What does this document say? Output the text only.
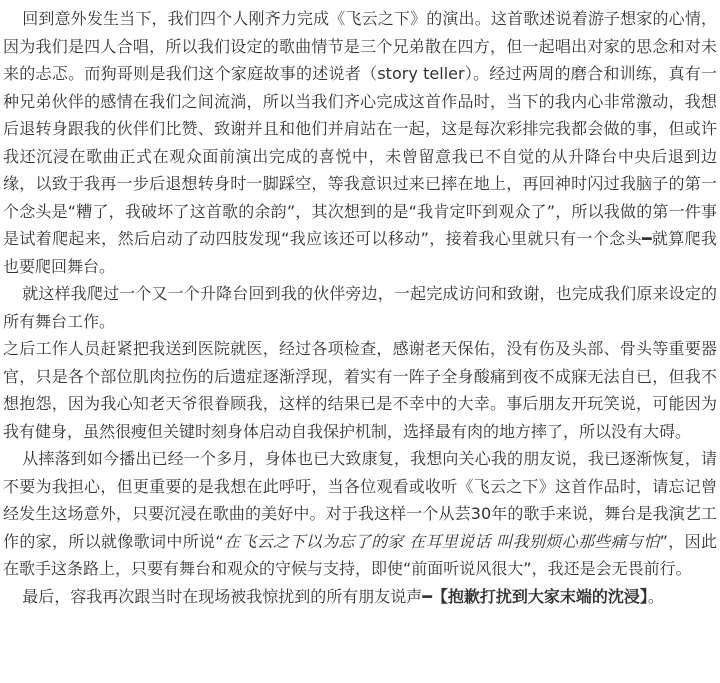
回到意外发生当下，我们四个人刚齐力完成《飞云之下》的演出。这首歌述说着游子想家的心情，因为我们是四人合唱，所以我们设定的歌曲情节是三个兄弟散在四方，但一起唱出对家的思念和对未来的忐忑。而狗哥则是我们这个家庭故事的述说者（story teller）。经过两周的磨合和训练，真有一种兄弟伙伴的感情在我们之间流淌，所以当我们齐心完成这首作品时，当下的我内心非常激动，我想后退转身跟我的伙伴们比赞、致谢并且和他们并肩站在一起，这是每次彩排完我都会做的事，但或许我还沉浸在歌曲正式在观众面前演出完成的喜悦中，未曾留意我已不自觉的从升降台中央后退到边缘，以致于我再一步后退想转身时一脚踩空，等我意识过来已摔在地上，再回神时闪过我脑子的第一个念头是“糟了，我破坏了这首歌的余韵”，其次想到的是“我肯定吓到观众了”，所以我做的第一件事是试着爬起来，然后启动了动四肢发现“我应该还可以移动”，接着我心里就只有一个念头━就算爬我也要爬回舞台。

就这样我爬过一个又一个升降台回到我的伙伴旁边，一起完成访问和致谢，也完成我们原来设定的所有舞台工作。

之后工作人员赶紧把我送到医院就医，经过各项检查，感谢老天保佑，没有伤及头部、骨头等重要器官，只是各个部位肌肉拉伤的后遗症逐渐浮现，着实有一阵子全身酸痛到夜不成寐无法自已，但我不想抱怨，因为我心知老天爷很眷顾我，这样的结果已是不幸中的大幸。事后朋友开玩笑说，可能因为我有健身，虽然很瘦但关键时刻身体启动自我保护机制，选择最有肉的地方摔了，所以没有大碍。

从摔落到如今播出已经一个多月，身体也已大致康复，我想向关心我的朋友说，我已逐渐恢复，请不要为我担心，但更重要的是我想在此呼吁，当各位观看或收听《飞云之下》这首作品时，请忘记曾经发生这场意外，只要沉浸在歌曲的美好中。对于我这样一个从芸30年的歌手来说，舞台是我演艺工作的家，所以就像歌词中所说“在飞云之下以为忘了的家 在耳里说话 叫我别烦心那些痛与怕”，因此在歌手这条路上，只要有舞台和观众的守候与支持，即使“前面听说风很大”，我还是会无畏前行。

最后，容我再次跟当时在现场被我惊扰到的所有朋友说声━【抱歉打扰到大家末端的沈浸】。
